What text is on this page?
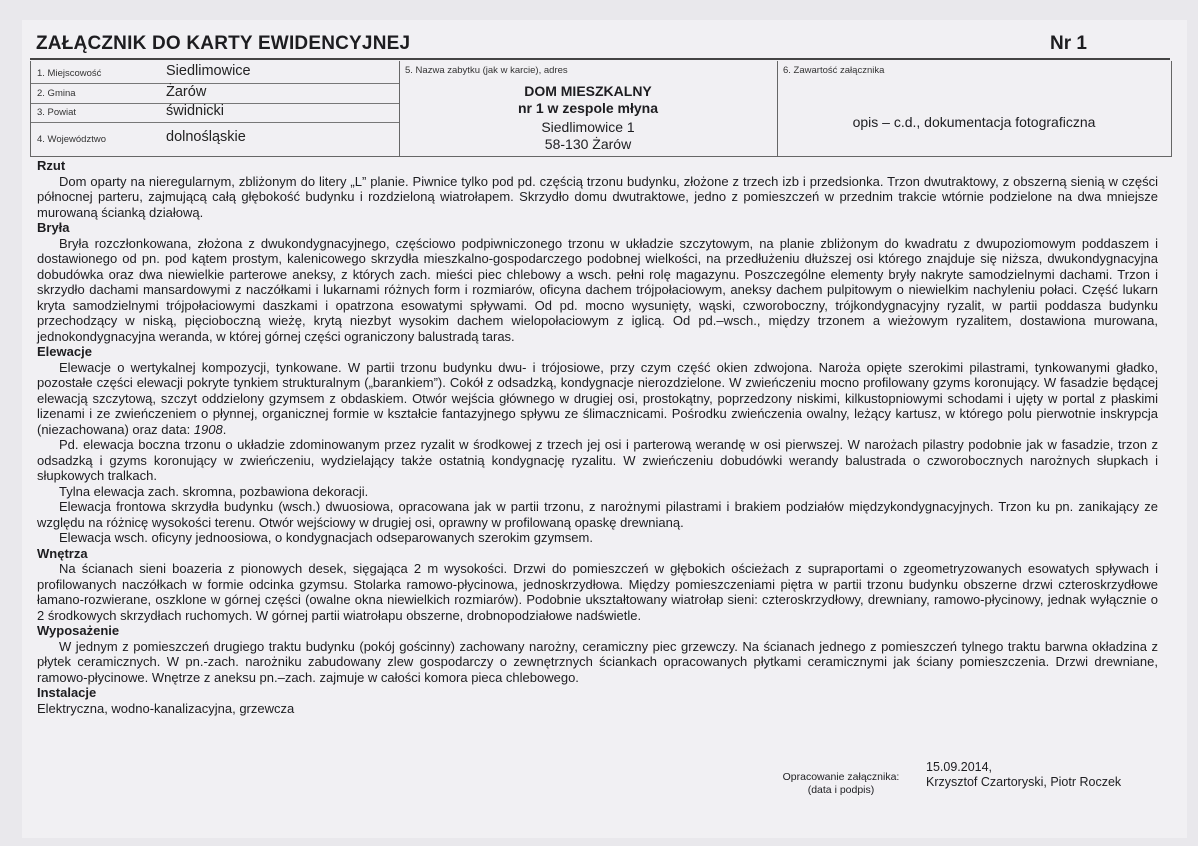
ZAŁĄCZNIK DO KARTY EWIDENCYJNEJ	Nr 1
1. Miejscowość	Siedlimowice
2. Gmina	Żarów
3. Powiat	świdnicki
4. Województwo	dolnośląskie
5. Nazwa zabytku (jak w karcie), adres
DOM MIESZKALNY
nr 1 w zespole młyna
Siedlimowice 1
58-130 Żarów
6. Zawartość załącznika
opis – c.d., dokumentacja fotograficzna
Rzut
Dom oparty na nieregularnym, zbliżonym do litery „L” planie. Piwnice tylko pod pd. częścią trzonu budynku, złożone z trzech izb i przedsionka. Trzon dwutraktowy, z obszerną sienią w części północnej parteru, zajmującą całą głębokość budynku i rozdzieloną wiatrołapem. Skrzydło domu dwutraktowe, jedno z pomieszczeń w przednim trakcie wtórnie podzielone na dwa mniejsze murowaną ścianką działową.
Bryła
Bryła rozczłonkowana, złożona z dwukondygnacyjnego, częściowo podpiwniczonego trzonu w układzie szczytowym, na planie zbliżonym do kwadratu z dwupoziomowym poddaszem i dostawionego od pn. pod kątem prostym, kalenicowego skrzydła mieszkalno-gospodarczego podobnej wielkości, na przedłużeniu dłuższej osi którego znajduje się niższa, dwukondygnacyjna dobudówka oraz dwa niewielkie parterowe aneksy, z których zach. mieści piec chlebowy a wsch. pełni rolę magazynu. Poszczególne elementy bryły nakryte samodzielnymi dachami. Trzon i skrzydło dachami mansardowymi z naczółkami i lukarnami różnych form i rozmiarów, oficyna dachem trójpołaciowym, aneksy dachem pulpitowym o niewielkim nachyleniu połaci. Część lukarn kryta samodzielnymi trójpołaciowymi daszkami i opatrzona esowatymi spływami. Od pd. mocno wysunięty, wąski, czworoboczny, trójkondygnacyjny ryzalit, w partii poddasza budynku przechodzący w niską, pięcioboczną wieżę, krytą niezbyt wysokim dachem wielopołaciowym z iglicą. Od pd.–wsch., między trzonem a wieżowym ryzalitem, dostawiona murowana, jednokondygnacyjna weranda, w której górnej części ograniczony balustradą taras.
Elewacje
Elewacje o wertykalnej kompozycji, tynkowane. W partii trzonu budynku dwu- i trójosiowe, przy czym część okien zdwojona. Naroża opięte szerokimi pilastrami, tynkowanymi gładko, pozostałe części elewacji pokryte tynkiem strukturalnym („barankiem”). Cokół z odsadzką, kondygnacje nierozdzielone. W zwieńczeniu mocno profilowany gzyms koronujący. W fasadzie będącej elewacją szczytową, szczyt oddzielony gzymsem z obdaskiem. Otwór wejścia głównego w drugiej osi, prostokątny, poprzedzony niskimi, kilkustopniowymi schodami i ujęty w portal z płaskimi lizenami i ze zwieńczeniem o płynnej, organicznej formie w kształcie fantazyjnego spływu ze ślimacznicami. Pośrodku zwieńczenia owalny, leżący kartusz, w którego polu pierwotnie inskrypcja (niezachowana) oraz data: 1908.
Pd. elewacja boczna trzonu o układzie zdominowanym przez ryzalit w środkowej z trzech jej osi i parterową werandę w osi pierwszej. W narożach pilastry podobnie jak w fasadzie, trzon z odsadzką i gzyms koronujący w zwieńczeniu, wydzielający także ostatnią kondygnację ryzalitu. W zwieńczeniu dobudówki werandy balustrada o czworobocznych narożnych słupkach i słupkowych tralkach.
Tylna elewacja zach. skromna, pozbawiona dekoracji.
Elewacja frontowa skrzydła budynku (wsch.) dwuosiowa, opracowana jak w partii trzonu, z narożnymi pilastrami i brakiem podziałów międzykondygnacyjnych. Trzon ku pn. zanikający ze względu na różnicę wysokości terenu. Otwór wejściowy w drugiej osi, oprawny w profilowaną opaskę drewnianą.
Elewacja wsch. oficyny jednoosiowa, o kondygnacjach odseparowanych szerokim gzymsem.
Wnętrza
Na ścianach sieni boazeria z pionowych desek, sięgająca 2 m wysokości. Drzwi do pomieszczeń w głębokich ościeżach z supraportami o zgeometryzowanych esowatych spływach i profilowanych naczółkach w formie odcinka gzymsu. Stolarka ramowo-płycinowa, jednoskrzydłowa. Między pomieszczeniami piętra w partii trzonu budynku obszerne drzwi czteroskrzydłowe łamano-rozwierane, oszklone w górnej części (owalne okna niewielkich rozmiarów). Podobnie ukształtowany wiatrołap sieni: czteroskrzydłowy, drewniany, ramowo-płycinowy, jednak wyłącznie o 2 środkowych skrzydłach ruchomych. W górnej partii wiatrołapu obszerne, drobnopodziałowe nadświetle.
Wyposażenie
W jednym z pomieszczeń drugiego traktu budynku (pokój gościnny) zachowany narożny, ceramiczny piec grzewczy. Na ścianach jednego z pomieszczeń tylnego traktu barwna okładzina z płytek ceramicznych. W pn.-zach. narożniku zabudowany zlew gospodarczy o zewnętrznych ściankach opracowanych płytkami ceramicznymi jak ściany pomieszczenia. Drzwi drewniane, ramowo-płycinowe. Wnętrze z aneksu pn.–zach. zajmuje w całości komora pieca chlebowego.
Instalacje
Elektryczna, wodno-kanalizacyjna, grzewcza
Opracowanie załącznika:
(data i podpis)
15.09.2014,
Krzysztof Czartoryski, Piotr Roczek
